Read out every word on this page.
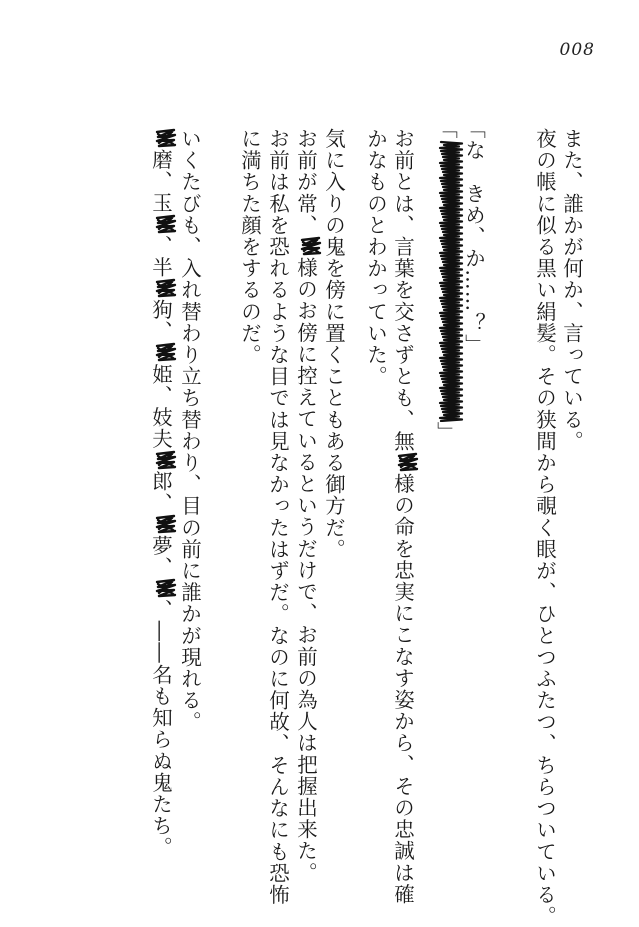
008
また、誰かが何か、言っている。
夜の帳に似る黒い絹髪。その狭間から覗く眼が、ひとつふたつ、ちらついている。
「な　きめ、か……？」
「
」
お前とは、言葉を交さずとも、無
様の命を忠実にこなす姿から、その忠誠は確
かなものとわかっていた。
気に入りの鬼を傍に置くこともある御方だ。
お前が常、
様のお傍に控えているというだけで、お前の為人は把握出来た。
お前は私を恐れるような目では見なかったはずだ。なのに何故、そんなにも恐怖
に満ちた顔をするのだ。
いくたびも、入れ替わり立ち替わり、目の前に誰かが現れる。
磨、玉
、半
狗、
姫、妓夫
郎、
夢、
、――名も知らぬ鬼たち。
